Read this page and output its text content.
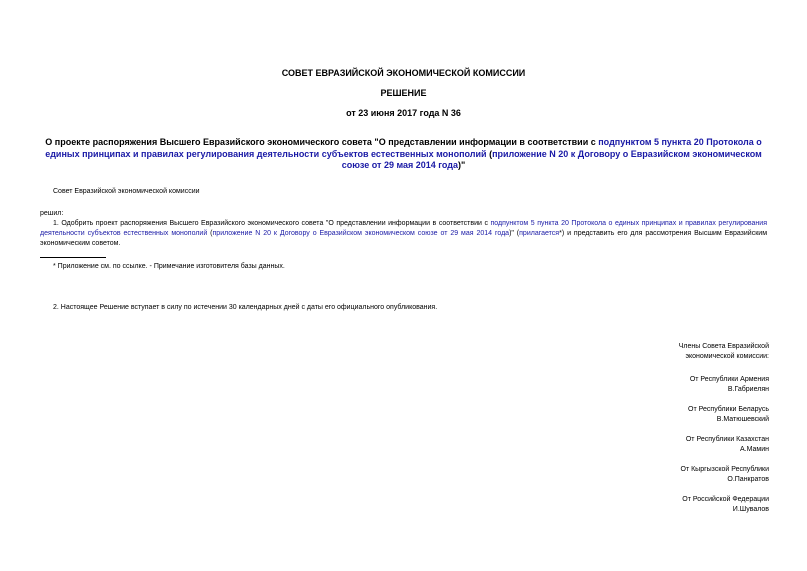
СОВЕТ ЕВРАЗИЙСКОЙ ЭКОНОМИЧЕСКОЙ КОМИССИИ
РЕШЕНИЕ
от 23 июня 2017 года N 36
О проекте распоряжения Высшего Евразийского экономического совета "О представлении информации в соответствии с подпунктом 5 пункта 20 Протокола о единых принципах и правилах регулирования деятельности субъектов естественных монополий (приложение N 20 к Договору о Евразийском экономическом союзе от 29 мая 2014 года)"
Совет Евразийской экономической комиссии
решил:
1. Одобрить проект распоряжения Высшего Евразийского экономического совета "О представлении информации в соответствии с подпунктом 5 пункта 20 Протокола о единых принципах и правилах регулирования деятельности субъектов естественных монополий (приложение N 20 к Договору о Евразийском экономическом союзе от 29 мая 2014 года)" (прилагается*) и представить его для рассмотрения Высшим Евразийским экономическим советом.
* Приложение см. по ссылке. - Примечание изготовителя базы данных.
2. Настоящее Решение вступает в силу по истечении 30 календарных дней с даты его официального опубликования.
Члены Совета Евразийской
экономической комиссии:
От Республики Армения
В.Габриелян
От Республики Беларусь
В.Матюшевский
От Республики Казахстан
А.Мамин
От Кыргызской Республики
О.Панкратов
От Российской Федерации
И.Шувалов
